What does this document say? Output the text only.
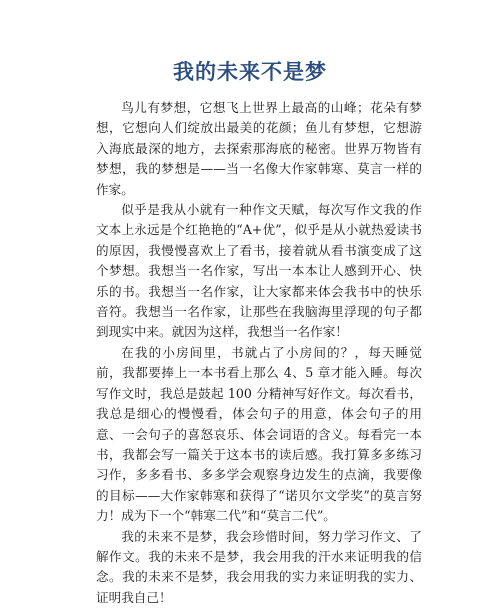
我的未来不是梦

鸟儿有梦想，它想飞上世界上最高的山峰；花朵有梦想，它想向人们绽放出最美的花颜；鱼儿有梦想，它想游入海底最深的地方，去探索那海底的秘密。世界万物皆有梦想，我的梦想是——当一名像大作家韩寒、莫言一样的作家。

似乎是我从小就有一种作文天赋，每次写作文我的作文本上永远是个红艳艳的“A+优”，似乎是从小就热爱读书的原因，我慢慢喜欢上了看书，接着就从看书演变成了这个梦想。我想当一名作家，写出一本本让人感到开心、快乐的书。我想当一名作家，让大家都来体会我书中的快乐音符。我想当一名作家，让那些在我脑海里浮现的句子都到现实中来。就因为这样，我想当一名作家！

在我的小房间里，书就占了小房间的？，每天睡觉前，我都要捧上一本书看上那么 4、5 章才能入睡。每次写作文时，我总是鼓起 100 分精神写好作文。每次看书，我总是细心的慢慢看，体会句子的用意，体会句子的用意、一会句子的喜怒哀乐、体会词语的含义。每看完一本书，我都会写一篇关于这本书的读后感。我打算多多练习习作，多多看书、多多学会观察身边发生的点滴，我要像的目标——大作家韩寒和获得了“诺贝尔文学奖”的莫言努力！成为下一个“韩寒二代”和“莫言二代”。

我的未来不是梦，我会珍惜时间，努力学习作文、了解作文。我的未来不是梦，我会用我的汗水来证明我的信念。我的未来不是梦，我会用我的实力来证明我的实力、证明我自己！
